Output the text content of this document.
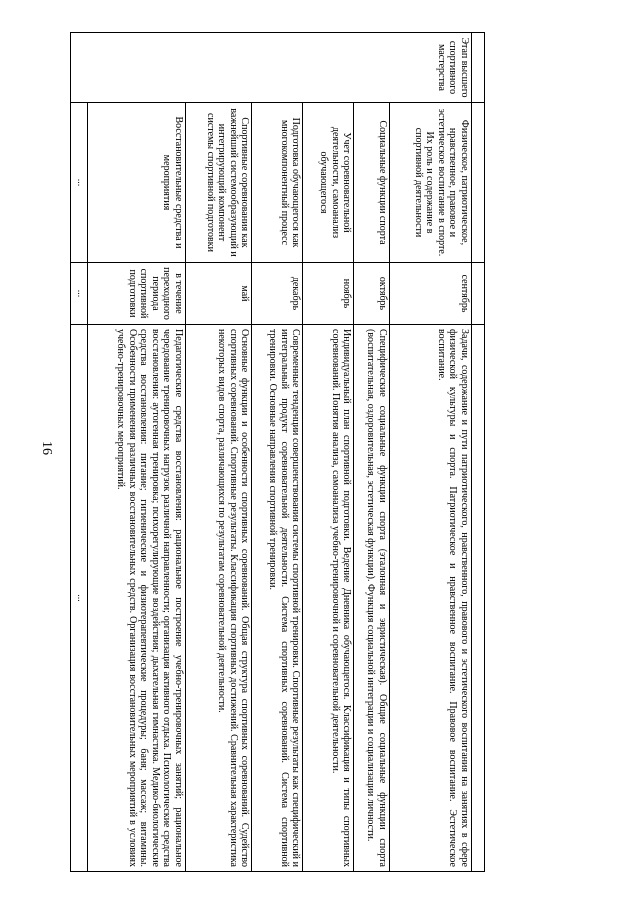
16

Этап высшего спортивного мастерства	Физическое, патриотическое, нравственное, правовое и эстетическое воспитание в спорте. Их роль и содержание в спортивной деятельности	сентябрь	Задачи, содержание и пути патриотического, нравственного, правового и эстетического воспитания на занятиях в сфере физической культуры и спорта. Патриотическое и нравственное воспитание. Правовое воспитание. Эстетическое воспитание.
	Социальные функции спорта	октябрь	Специфические социальные функции спорта (эталонная и эвристическая). Общие социальные функции спорта (воспитательная, оздоровительная, эстетическая функции). Функция социальной интеграции и социализации личности.
	Учет соревновательной деятельности, самоанализ обучающегося	ноябрь	Индивидуальный план спортивной подготовки. Ведение Дневника обучающегося. Классификация и типы спортивных соревнований. Понятия анализа, самоанализа учебно-тренировочной и соревновательной деятельности.
	Подготовка обучающегося как многокомпонентный процесс	декабрь	Современные тенденции совершенствования системы спортивной тренировки. Спортивные результаты как специфический и интегральный продукт соревновательной деятельности. Система спортивных соревнований. Система спортивной тренировки. Основные направления спортивной тренировки.
	Спортивные соревнования как важнейший системообразующий и интегрирующий компонент системы спортивной подготовки	май	Основные функции и особенности спортивных соревнований. Общая структура спортивных соревнований. Судейство спортивных соревнований. Спортивные результаты. Классификация спортивных достижений. Сравнительная характеристика некоторых видов спорта, различающихся по результатам соревновательной деятельности.
	Восстановительные средства и мероприятия	в течение переходного периода спортивной подготовки	Педагогические средства восстановления: рациональное построение учебно-тренировочных занятий; рациональное чередование тренировочных нагрузок различной направленности; организация активного отдыха. Психологические средства восстановления: аутогенная тренировка; психорегулирующие воздействия; дыхательная гимнастика. Медико-биологические средства восстановления: питание; гигиенические и физиотерапевтические процедуры; баня; массаж; витамины. Особенности применения различных восстановительных средств. Организация восстановительных мероприятий в условиях учебно-тренировочных мероприятий.
	...	...	...
